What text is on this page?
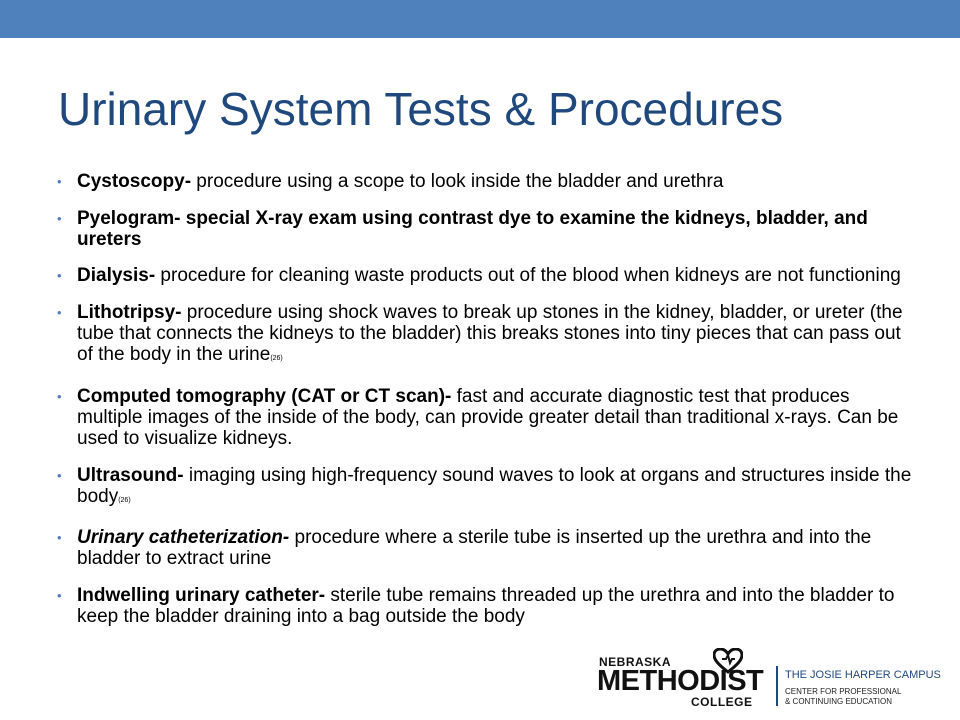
Urinary System Tests & Procedures
• Cystoscopy- procedure using a scope to look inside the bladder and urethra
• Pyelogram- special X-ray exam using contrast dye to examine the kidneys, bladder, and ureters
• Dialysis- procedure for cleaning waste products out of the blood when kidneys are not functioning
• Lithotripsy- procedure using shock waves to break up stones in the kidney, bladder, or ureter (the tube that connects the kidneys to the bladder) this breaks stones into tiny pieces that can pass out of the body in the urine(26)
• Computed tomography (CAT or CT scan)- fast and accurate diagnostic test that produces multiple images of the inside of the body, can provide greater detail than traditional x-rays. Can be used to visualize kidneys.
• Ultrasound- imaging using high-frequency sound waves to look at organs and structures inside the body(26)
• Urinary catheterization- procedure where a sterile tube is inserted up the urethra and into the bladder to extract urine
• Indwelling urinary catheter- sterile tube remains threaded up the urethra and into the bladder to keep the bladder draining into a bag outside the body
NEBRASKA
METHODIST
COLLEGE
THE JOSIE HARPER CAMPUS
CENTER FOR PROFESSIONAL
& CONTINUING EDUCATION
